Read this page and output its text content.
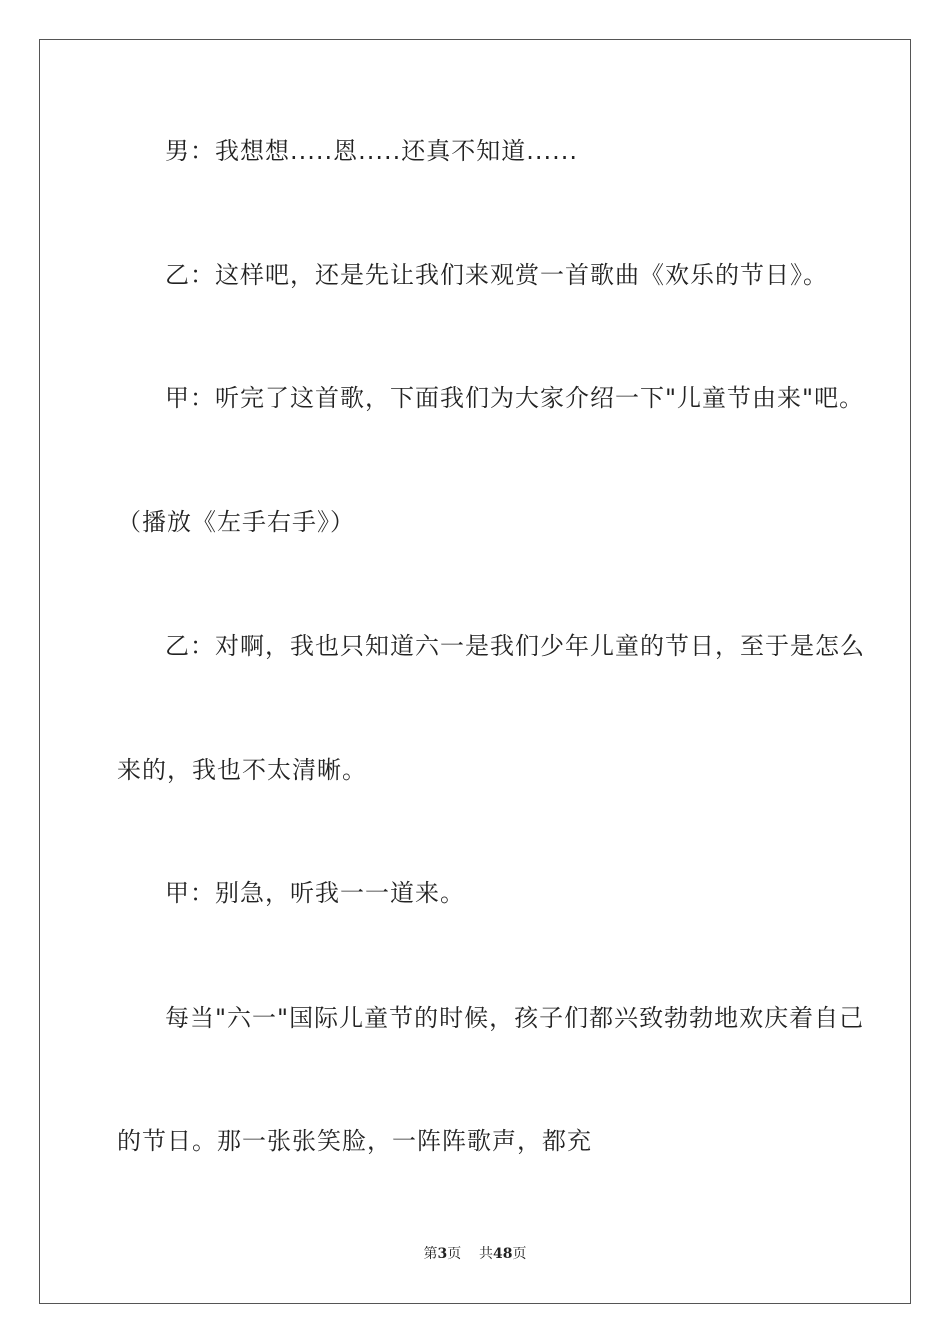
男：我想想.....恩.....还真不知道......
乙：这样吧，还是先让我们来观赏一首歌曲《欢乐的节日》。
甲：听完了这首歌，下面我们为大家介绍一下"儿童节由来"吧。
（播放《左手右手》）
乙：对啊，我也只知道六一是我们少年儿童的节日，至于是怎么
来的，我也不太清晰。
甲：别急，听我一一道来。
每当"六一"国际儿童节的时候，孩子们都兴致勃勃地欢庆着自己
的节日。那一张张笑脸，一阵阵歌声，都充
第3页 共48页
